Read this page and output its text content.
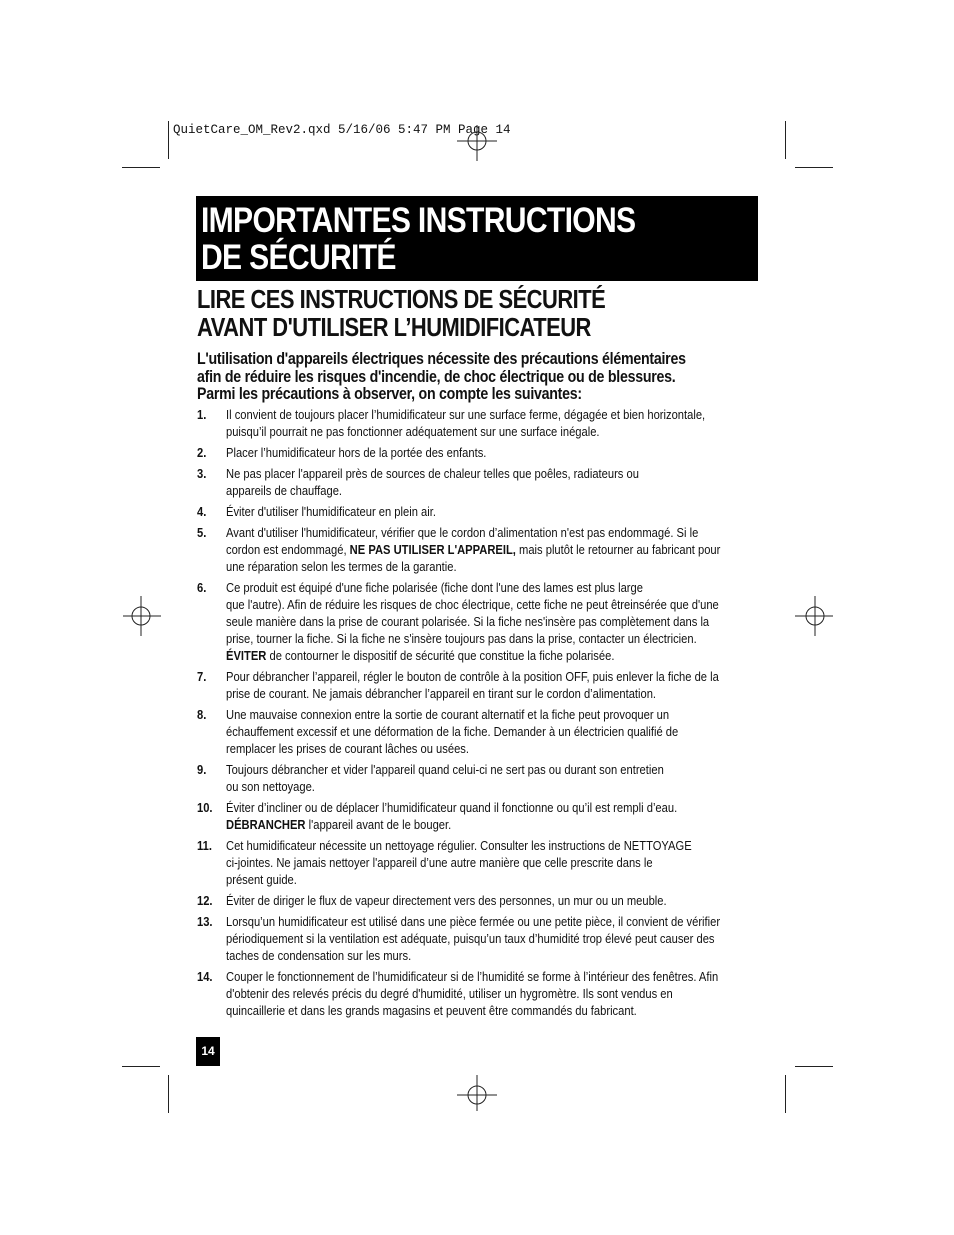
QuietCare_OM_Rev2.qxd 5/16/06 5:47 PM Page 14
IMPORTANTES INSTRUCTIONS
DE SÉCURITÉ
LIRE CES INSTRUCTIONS DE SÉCURITÉ
AVANT D'UTILISER L’HUMIDIFICATEUR
L'utilisation d'appareils électriques nécessite des précautions élémentaires
afin de réduire les risques d'incendie, de choc électrique ou de blessures.
Parmi les précautions à observer, on compte les suivantes:
1. Il convient de toujours placer l’humidificateur sur une surface ferme, dégagée et bien horizontale,
puisqu’il pourrait ne pas fonctionner adéquatement sur une surface inégale.
2. Placer l’humidificateur hors de la portée des enfants.
3. Ne pas placer l'appareil près de sources de chaleur telles que poêles, radiateurs ou
appareils de chauffage.
4. Éviter d'utiliser l'humidificateur en plein air.
5. Avant d'utiliser l'humidificateur, vérifier que le cordon d’alimentation n'est pas endommagé. Si le
cordon est endommagé, NE PAS UTILISER L'APPAREIL, mais plutôt le retourner au fabricant pour
une réparation selon les termes de la garantie.
6. Ce produit est équipé d'une fiche polarisée (fiche dont l'une des lames est plus large
que l'autre). Afin de réduire les risques de choc électrique, cette fiche ne peut êtreinsérée que d'une
seule manière dans la prise de courant polarisée. Si la fiche nes'insère pas complètement dans la
prise, tourner la fiche. Si la fiche ne s'insère toujours pas dans la prise, contacter un électricien.
ÉVITER de contourner le dispositif de sécurité que constitue la fiche polarisée.
7. Pour débrancher l’appareil, régler le bouton de contrôle à la position OFF, puis enlever la fiche de la
prise de courant. Ne jamais débrancher l’appareil en tirant sur le cordon d’alimentation.
8. Une mauvaise connexion entre la sortie de courant alternatif et la fiche peut provoquer un
échauffement excessif et une déformation de la fiche. Demander à un électricien qualifié de
remplacer les prises de courant lâches ou usées.
9. Toujours débrancher et vider l'appareil quand celui-ci ne sert pas ou durant son entretien
ou son nettoyage.
10. Éviter d’incliner ou de déplacer l’humidificateur quand il fonctionne ou qu’il est rempli d’eau.
DÉBRANCHER l'appareil avant de le bouger.
11. Cet humidificateur nécessite un nettoyage régulier. Consulter les instructions de NETTOYAGE
ci-jointes. Ne jamais nettoyer l'appareil d’une autre manière que celle prescrite dans le
présent guide.
12. Éviter de diriger le flux de vapeur directement vers des personnes, un mur ou un meuble.
13. Lorsqu’un humidificateur est utilisé dans une pièce fermée ou une petite pièce, il convient de vérifier
périodiquement si la ventilation est adéquate, puisqu’un taux d’humidité trop élevé peut causer des
taches de condensation sur les murs.
14. Couper le fonctionnement de l’humidificateur si de l’humidité se forme à l’intérieur des fenêtres. Afin
d'obtenir des relevés précis du degré d'humidité, utiliser un hygromètre. Ils sont vendus en
quincaillerie et dans les grands magasins et peuvent être commandés du fabricant.
14
